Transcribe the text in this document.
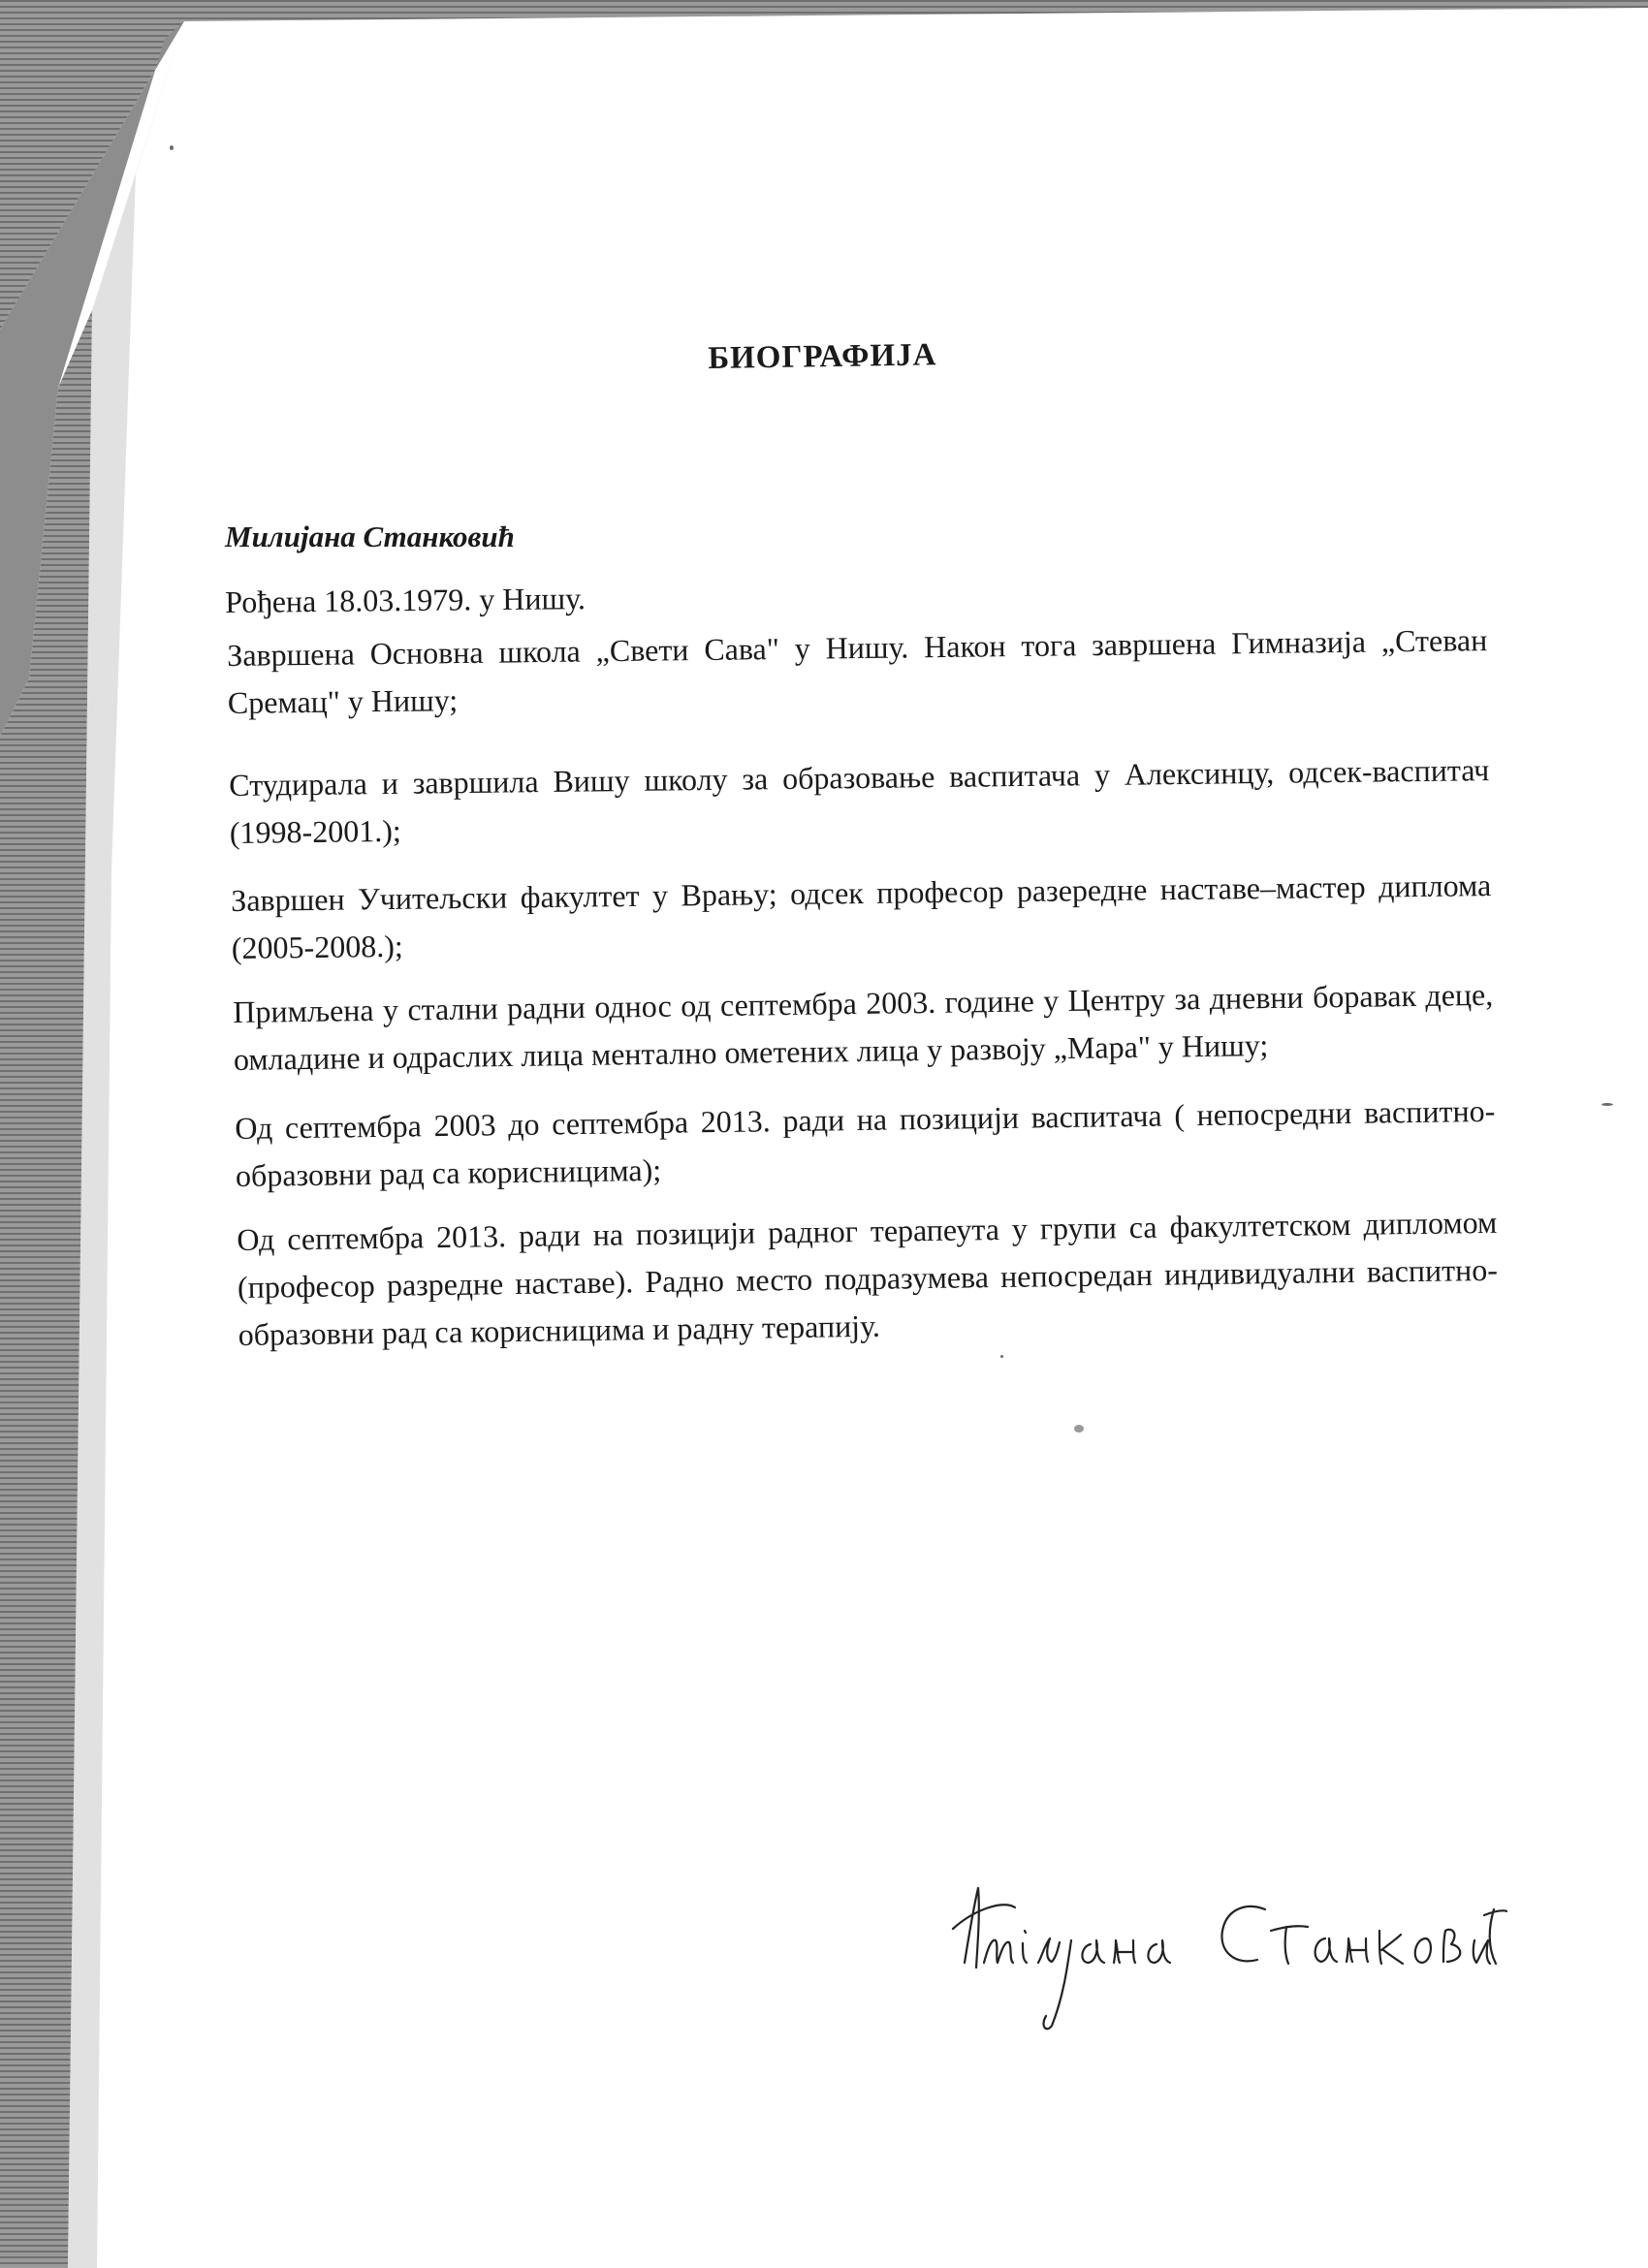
БИОГРАФИЈА
Милијана Станковић
Рођена 18.03.1979. у Нишу.
Завршена Основна школа „Свети Сава" у Нишу. Након тога завршена Гимназија „Стеван Сремац" у Нишу;
Студирала и завршила Вишу школу за образовање васпитача у Алексинцу, одсек-васпитач (1998-2001.);
Завршен Учитељски факултет у Врању; одсек професор разередне наставе–мастер диплома (2005-2008.);
Примљена у стални радни однос од септембра 2003. године у Центру за дневни боравак деце, омладине и одраслих лица ментално ометених лица у развоју „Мара" у Нишу;
Од септембра 2003 до септембра 2013. ради на позицији васпитача ( непосредни васпитно-образовни рад са корисницима);
Од септембра 2013. ради на позицији радног терапеута у групи са факултетском дипломом (професор разредне наставе). Радно место подразумева непосредан индивидуални васпитно-образовни рад са корисницима и радну терапију.
